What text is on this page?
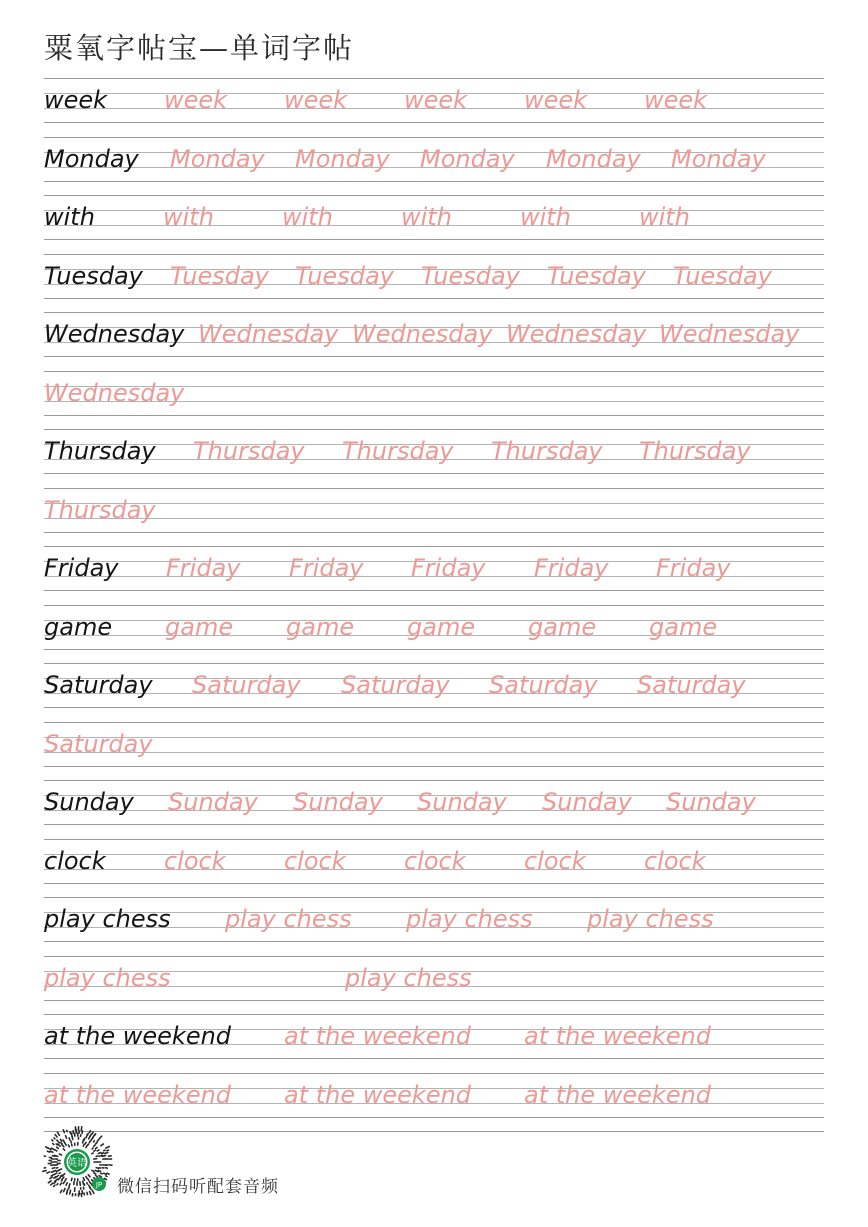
粟氧字帖宝—单词字帖
week week week week week week
Monday Monday Monday Monday Monday Monday
with	with	with	with	with	with
Tuesday Tuesday Tuesday Tuesday Tuesday Tuesday
Wednesday Wednesday Wednesday Wednesday Wednesday
Wednesday
Thursday Thursday Thursday Thursday Thursday
Thursday
Friday Friday Friday Friday Friday Friday
game game game game game game
Saturday Saturday Saturday Saturday Saturday
Saturday
Sunday Sunday Sunday Sunday Sunday Sunday
clock clock clock clock clock clock
play chess play chess play chess play chess
play chess	play chess
at the weekend at the weekend at the weekend
at the weekend at the weekend at the weekend
英语
JP 微信扫码听配套音频
